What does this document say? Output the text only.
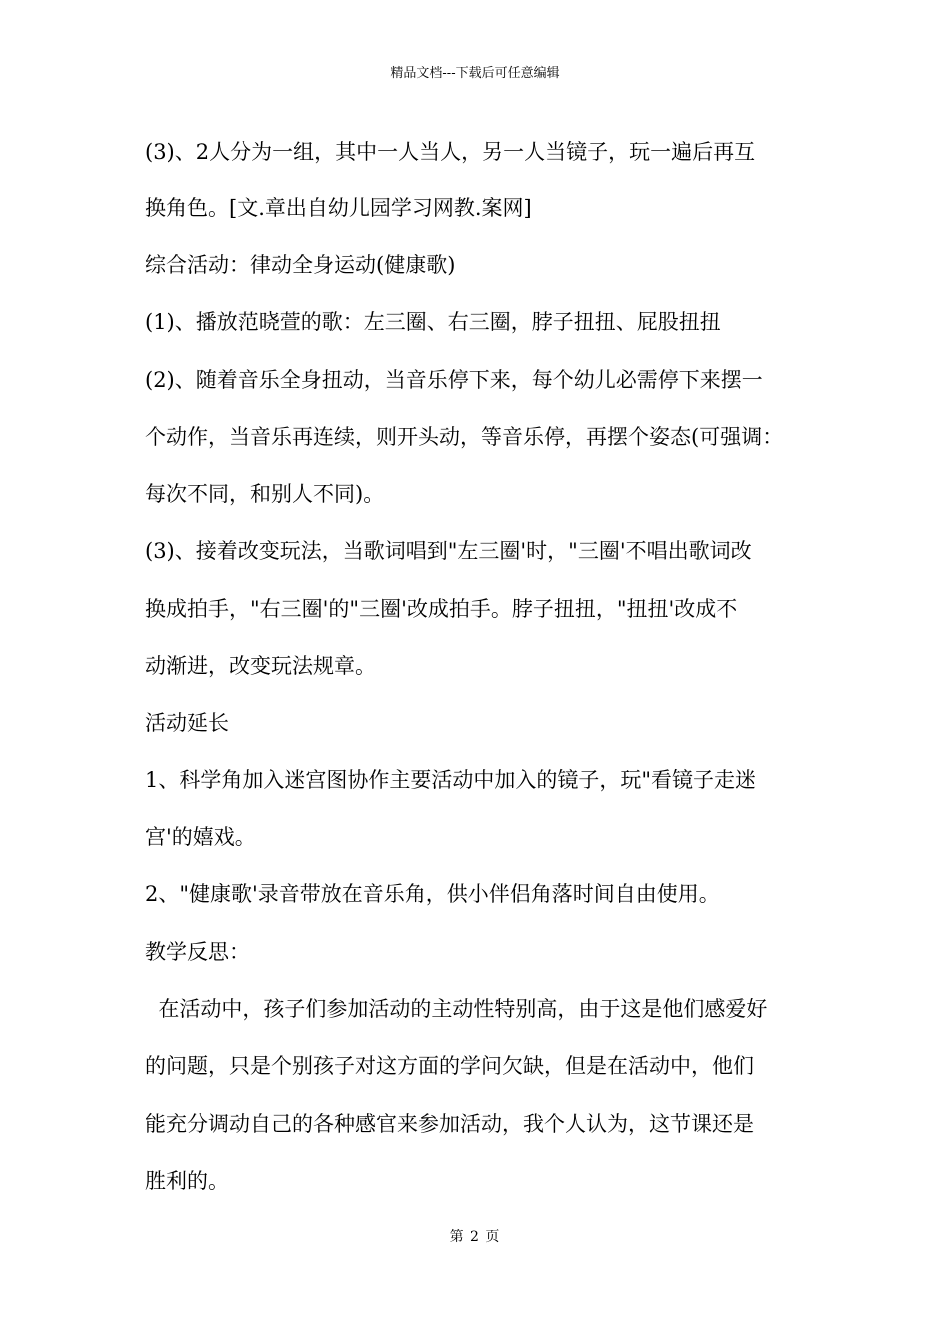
精品文档---下载后可任意编辑
(3)、2人分为一组，其中一人当人，另一人当镜子，玩一遍后再互
换角色。[文.章出自幼儿园学习网教.案网]
综合活动：律动全身运动(健康歌)
(1)、播放范晓萱的歌：左三圈、右三圈，脖子扭扭、屁股扭扭
(2)、随着音乐全身扭动，当音乐停下来，每个幼儿必需停下来摆一
个动作，当音乐再连续，则开头动，等音乐停，再摆个姿态(可强调：
每次不同，和别人不同)。
(3)、接着改变玩法，当歌词唱到"左三圈'时，"三圈'不唱出歌词改
换成拍手，"右三圈'的"三圈'改成拍手。脖子扭扭，"扭扭'改成不
动渐进，改变玩法规章。
活动延长
1、科学角加入迷宫图协作主要活动中加入的镜子，玩"看镜子走迷
宫'的嬉戏。
2、"健康歌'录音带放在音乐角，供小伴侣角落时间自由使用。
教学反思：
在活动中，孩子们参加活动的主动性特别高，由于这是他们感爱好
的问题，只是个别孩子对这方面的学问欠缺，但是在活动中，他们
能充分调动自己的各种感官来参加活动，我个人认为，这节课还是
胜利的。
第 2 页
